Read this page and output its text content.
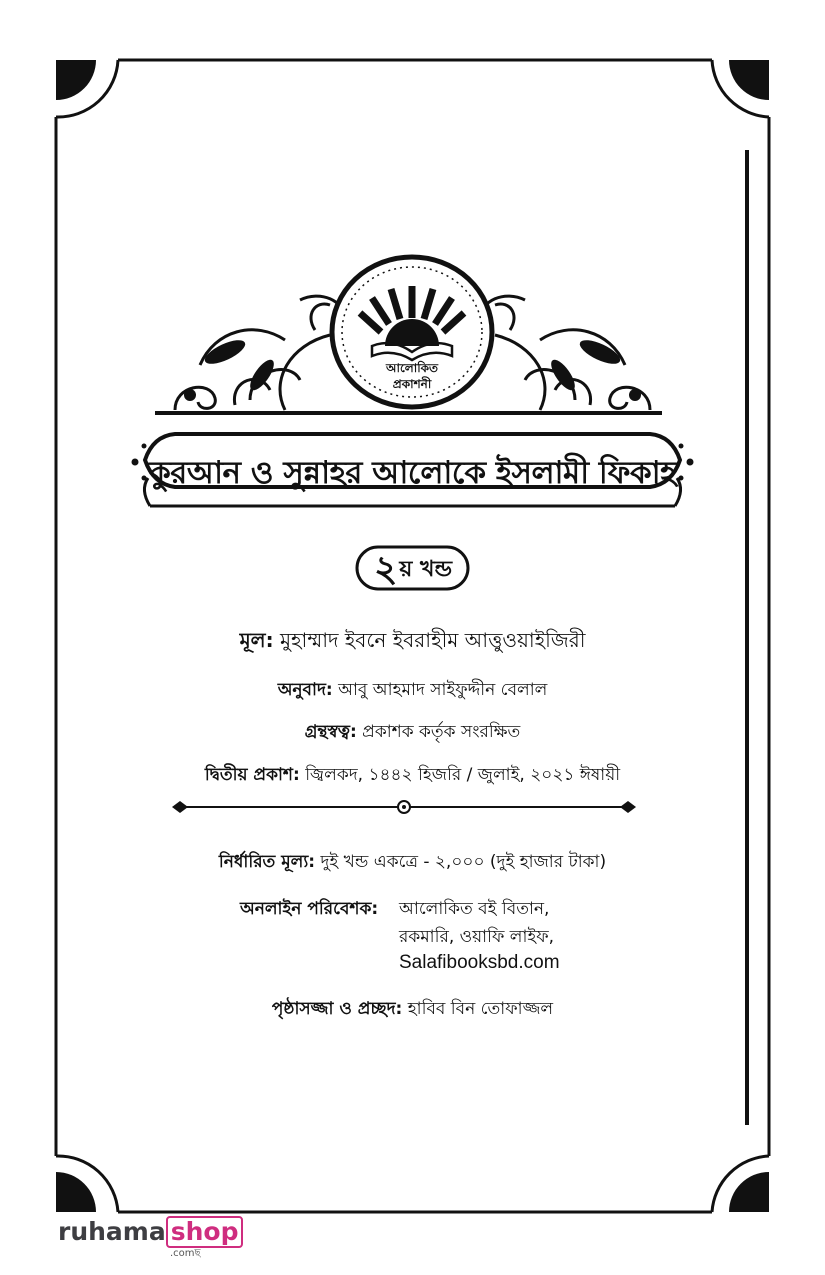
আলোকিত
প্রকাশনী
কুরআন ও সুন্নাহর আলোকে ইসলামী ফিকাহ
২ য় খন্ড
মূল: মুহাম্মাদ ইবনে ইবরাহীম আত্তুওয়াইজিরী
অনুবাদ: আবু আহমাদ সাইফুদ্দীন বেলাল
গ্রন্থস্বত্ব: প্রকাশক কর্তৃক সংরক্ষিত
দ্বিতীয় প্রকাশ: জ্বিলকদ, ১৪৪২ হিজরি / জুলাই, ২০২১ ঈষায়ী
নির্ধারিত মূল্য: দুই খন্ড একত্রে - ২,০০০ (দুই হাজার টাকা)
অনলাইন পরিবেশক: আলোকিত বই বিতান,
রকমারি, ওয়াফি লাইফ,
Salafibooksbd.com
পৃষ্ঠাসজ্জা ও প্রচ্ছদ: হাবিব বিন তোফাজ্জল
ruhama shop
.comছ
